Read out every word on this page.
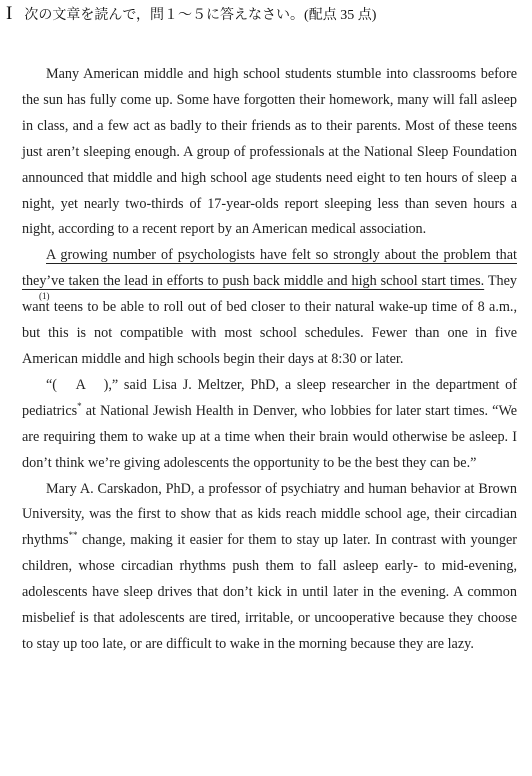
I 次の文章を読んで，問１～５に答えなさい。(配点 35 点)
(1)

Many American middle and high school students stumble into classrooms before the sun has fully come up. Some have forgotten their homework, many will fall asleep in class, and a few act as badly to their friends as to their parents. Most of these teens just aren’t sleeping enough. A group of professionals at the National Sleep Foundation announced that middle and high school age students need eight to ten hours of sleep a night, yet nearly two-thirds of 17-year-olds report sleeping less than seven hours a night, according to a recent report by an American medical association.

A growing number of psychologists have felt so strongly about the problem that they’ve taken the lead in efforts to push back middle and high school start times. They want teens to be able to roll out of bed closer to their natural wake-up time of 8 a.m., but this is not compatible with most school schedules. Fewer than one in five American middle and high schools begin their days at 8:30 or later.

“(　A　),” said Lisa J. Meltzer, PhD, a sleep researcher in the department of pediatrics* at National Jewish Health in Denver, who lobbies for later start times. “We are requiring them to wake up at a time when their brain would otherwise be asleep. I don’t think we’re giving adolescents the opportunity to be the best they can be.”

Mary A. Carskadon, PhD, a professor of psychiatry and human behavior at Brown University, was the first to show that as kids reach middle school age, their circadian rhythms** change, making it easier for them to stay up later. In contrast with younger children, whose circadian rhythms push them to fall asleep early- to mid-evening, adolescents have sleep drives that don’t kick in until later in the evening. A common misbelief is that adolescents are tired, irritable, or uncooperative because they choose to stay up too late, or are difficult to wake in the morning because they are lazy.
